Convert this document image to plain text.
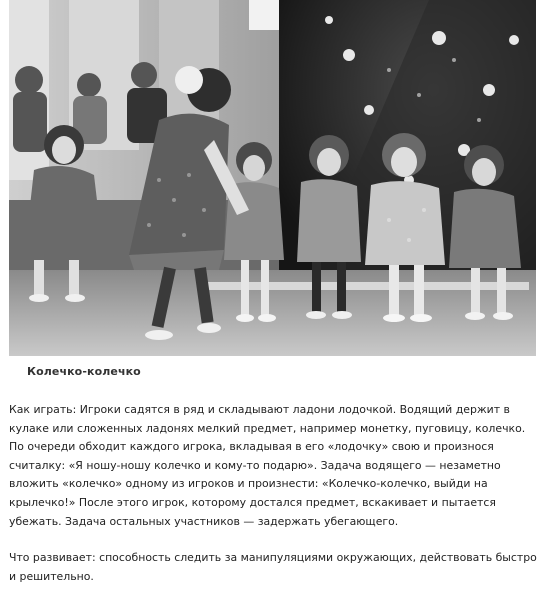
Колечко-колечко

Как играть: Игроки садятся в ряд и складывают ладони лодочкой. Водящий держит в кулаке или сложенных ладонях мелкий предмет, например монетку, пуговицу, колечко. По очереди обходит каждого игрока, вкладывая в его «лодочку» свою и произнося считалку: «Я ношу-ношу колечко и кому-то подарю». Задача водящего — незаметно вложить «колечко» одному из игроков и произнести: «Колечко-колечко, выйди на крылечко!» После этого игрок, которому достался предмет, вскакивает и пытается убежать. Задача остальных участников — задержать убегающего.

Что развивает: способность следить за манипуляциями окружающих, действовать быстро и решительно.
